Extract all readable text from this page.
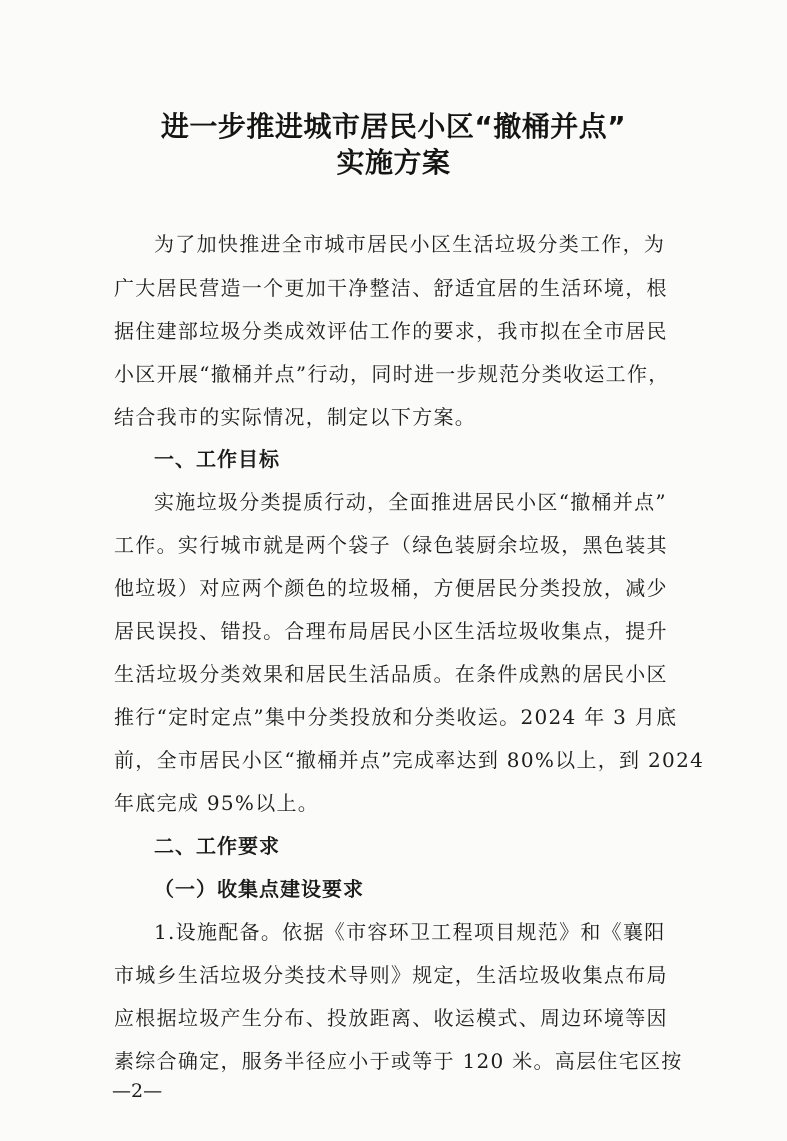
进一步推进城市居民小区“撤桶并点”
实施方案
为了加快推进全市城市居民小区生活垃圾分类工作，为
广大居民营造一个更加干净整洁、舒适宜居的生活环境，根
据住建部垃圾分类成效评估工作的要求，我市拟在全市居民
小区开展“撤桶并点”行动，同时进一步规范分类收运工作，
结合我市的实际情况，制定以下方案。
一、工作目标
实施垃圾分类提质行动，全面推进居民小区“撤桶并点”
工作。实行城市就是两个袋子（绿色装厨余垃圾，黑色装其
他垃圾）对应两个颜色的垃圾桶，方便居民分类投放，减少
居民误投、错投。合理布局居民小区生活垃圾收集点，提升
生活垃圾分类效果和居民生活品质。在条件成熟的居民小区
推行“定时定点”集中分类投放和分类收运。2024 年 3 月底
前，全市居民小区“撤桶并点”完成率达到 80%以上，到 2024
年底完成 95%以上。
二、工作要求
（一）收集点建设要求
1.设施配备。依据《市容环卫工程项目规范》和《襄阳
市城乡生活垃圾分类技术导则》规定，生活垃圾收集点布局
应根据垃圾产生分布、投放距离、收运模式、周边环境等因
素综合确定，服务半径应小于或等于 120 米。高层住宅区按
—2—
